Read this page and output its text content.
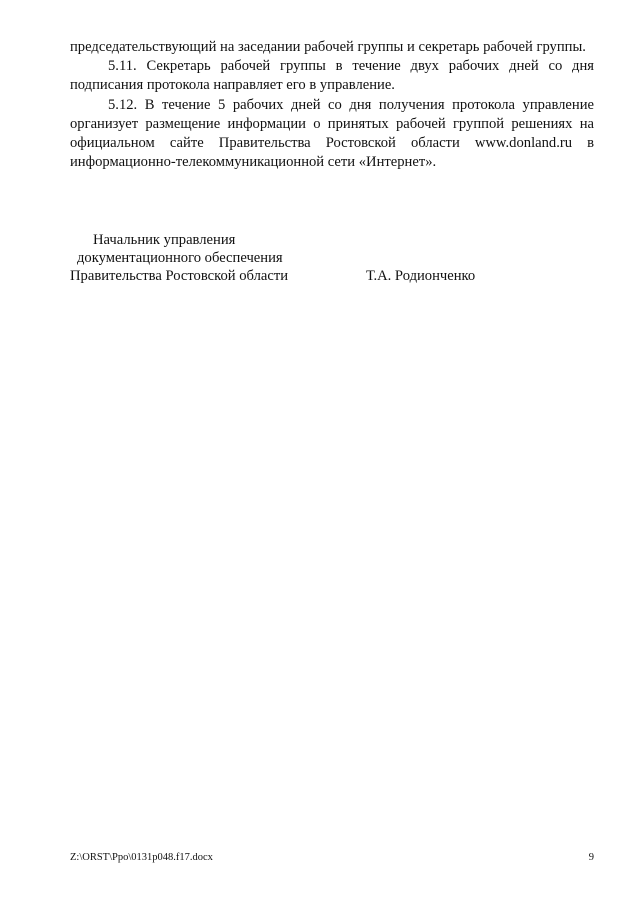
председательствующий на заседании рабочей группы и секретарь рабочей группы.

5.11. Секретарь рабочей группы в течение двух рабочих дней со дня подписания протокола направляет его в управление.

5.12. В течение 5 рабочих дней со дня получения протокола управление организует размещение информации о принятых рабочей группой решениях на официальном сайте Правительства Ростовской области www.donland.ru в информационно-телекоммуникационной сети «Интернет».

Начальник управления
документационного обеспечения
Правительства Ростовской области	Т.А. Родионченко
Z:\ORST\Ppo\0131p048.f17.docx	9
